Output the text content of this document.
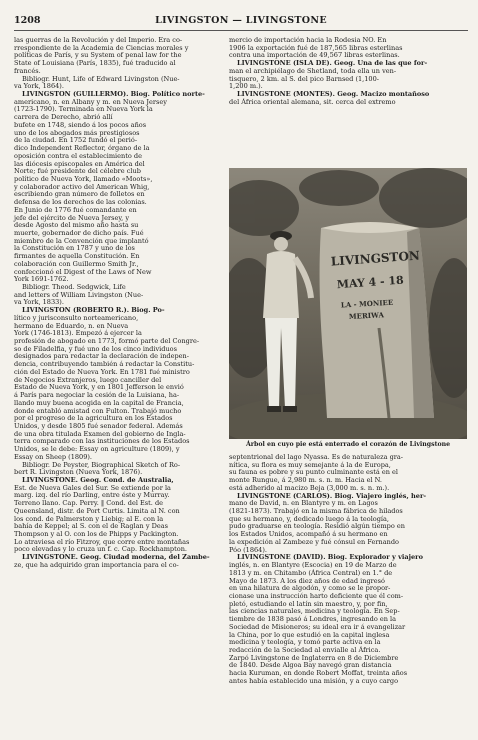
1208	LIVINGSTON — LIVINGSTONE

las guerras de la Revolución y del Imperio. Era co-

rrespondiente de la Academia de Ciencias morales y

políticas de París, y su System of penal law for the

State of Louisiana (París, 1835), fué traducido al

francés.

Bibliogr. Hunt, Life of Edward Livingston (Nue-

va York, 1864).

LIVINGSTON (GUILLERMO). Biog. Político norte-

americano, n. en Albany y m. en Nueva Jersey

(1723-1790). Terminada en Nueva York la

carrera de Derecho, abrió allí

bufete en 1748, siendo á los pocos años

uno de los abogados más prestigiosos

de la ciudad. En 1752 fundó el perió-

dico Independent Reflector, órgano de la

oposición contra el establecimiento de

las diócesis episcopales en América del

Norte; fué presidente del célebre club

político de Nueva York, llamado «Moots»,

y colaborador activo del American Whig,

escribiendo gran número de folletos en

defensa de los derechos de las colonias.

En Junio de 1776 fué comandante en

jefe del ejército de Nueva Jersey, y

desde Agosto del mismo año hasta su

muerte, gobernador de dicho país. Fué

miembro de la Convención que implantó

la Constitución en 1787 y uno de los

firmantes de aquella Constitución. En

colaboración con Guillermo Smith Jr.,

confeccionó el Digest of the Laws of New

York 1691-1762.

Bibliogr. Theod. Sedgwick, Life

and letters of William Livingston (Nue-

va York, 1833).

LIVINGSTON (ROBERTO R.). Biog. Po-

lítico y jurisconsulto norteamericano,

hermano de Eduardo, n. en Nueva

York (1746-1813). Empezó á ejercer la

profesión de abogado en 1773, formó parte del Congre-

so de Filadelfia, y fué uno de los cinco individuos

designados para redactar la declaración de indepen-

dencia, contribuyendo también á redactar la Constitu-

ción del Estado de Nueva York. En 1781 fué ministro

de Negocios Extranjeros, luego canciller del

Estado de Nueva York, y en 1801 Jefferson le envió

á París para negociar la cesión de la Luisiana, ha-

llando muy buena acogida en la capital de Francia,

donde entabló amistad con Fulton. Trabajó mucho

por el progreso de la agricultura en los Estados

Unidos, y desde 1805 fué senador federal. Además

de una obra titulada Examen del gobierno de Ingla-

terra comparado con las instituciones de los Estados

Unidos, se le debe: Essay on agriculture (1809), y

Essay on Sheep (1809).

Bibliogr. De Peyster, Biographical Sketch of Ro-

bert R. Livingston (Nueva York, 1876).

LIVINGSTONE. Geog. Cond. de Australia,

Est. de Nueva Gales del Sur. Se extiende por la

marg. izq. del río Darling, entre éste y Murray.

Terreno llano. Cap. Perry. ‖ Cond. del Est. de

Queensland, distr. de Port Curtis. Limita al N. con

los cond. de Palmerston y Liebig; al E. con la

bahía de Keppel; al S. con el de Raglan y Deas

Thompson y al O. con los de Phipps y Packington.

Lo atraviesa el río Fitzroy, que corre entre montañas

poco elevadas y lo cruza un f. c. Cap. Rockhampton.

LIVINGSTONE. Geog. Ciudad moderna, del Zambe-

ze, que ha adquirido gran importancia para el co-

mercio de importación hacia la Rodesia NO. En

1906 la exportación fué de 187,565 libras esterlinas

contra una importación de 49,567 libras esterlinas.

LIVINGSTONE (ISLA DE). Geog. Una de las que for-

man el archipiélago de Shetland, toda ella un ven-

tisquero, 2 km. al S. del pico Barnsed (1,100-

1,200 m.).

LIVINGSTONE (MONTES). Geog. Macizo montañoso

del África oriental alemana, sit. cerca del extremo

LIVINGSTON
MAY 4 - 18
LA - MONIEE
MERIWA
Árbol en cuyo pie está enterrado el corazón de Livingstone

septentrional del lago Nyassa. Es de naturaleza gra-

nítica, su flora es muy semejante á la de Europa,

su fauna es pobre y su punto culminante está en el

monte Rungue, á 2,980 m. s. n. m. Hacia el N.

está adherido al macizo Beja (3,000 m. s. n. m.).

LIVINGSTONE (CARLOS). Biog. Viajero inglés, her-

mano de David, n. en Blantyre y m. en Lagos

(1821-1873). Trabajó en la misma fábrica de hilados

que su hermano, y, dedicado luego á la teología,

pudo graduarse en teología. Residió algún tiempo en

los Estados Unidos, acompañó á su hermano en

la expedición al Zambeze y fué cónsul en Fernando

Póo (1864).

LIVINGSTONE (DAVID). Biog. Explorador y viajero

inglés, n. en Blantyre (Escocia) en 19 de Marzo de

1813 y m. en Chitambo (África Central) en 1.° de

Mayo de 1873. A los diez años de edad ingresó

en una hilatura de algodón, y como se le propor-

cionase una instrucción harto deficiente que él com-

pletó, estudiando el latín sin maestro, y, por fin,

las ciencias naturales, medicina y teología. En Sep-

tiembre de 1838 pasó á Londres, ingresando en la

Sociedad de Misioneros; su ideal era ir á evangelizar

la China, por lo que estudió en la capital inglesa

medicina y teología, y tomó parte activa en la

redacción de la Sociedad al envialle al África.

Zarpó Livingstone de Inglaterra en 8 de Diciembre

de 1840. Desde Algoa Bay navegó gran distancia

hacia Kuruman, en donde Robert Moffat, treinta años

antes había establecido una misión, y a cuyo cargo
